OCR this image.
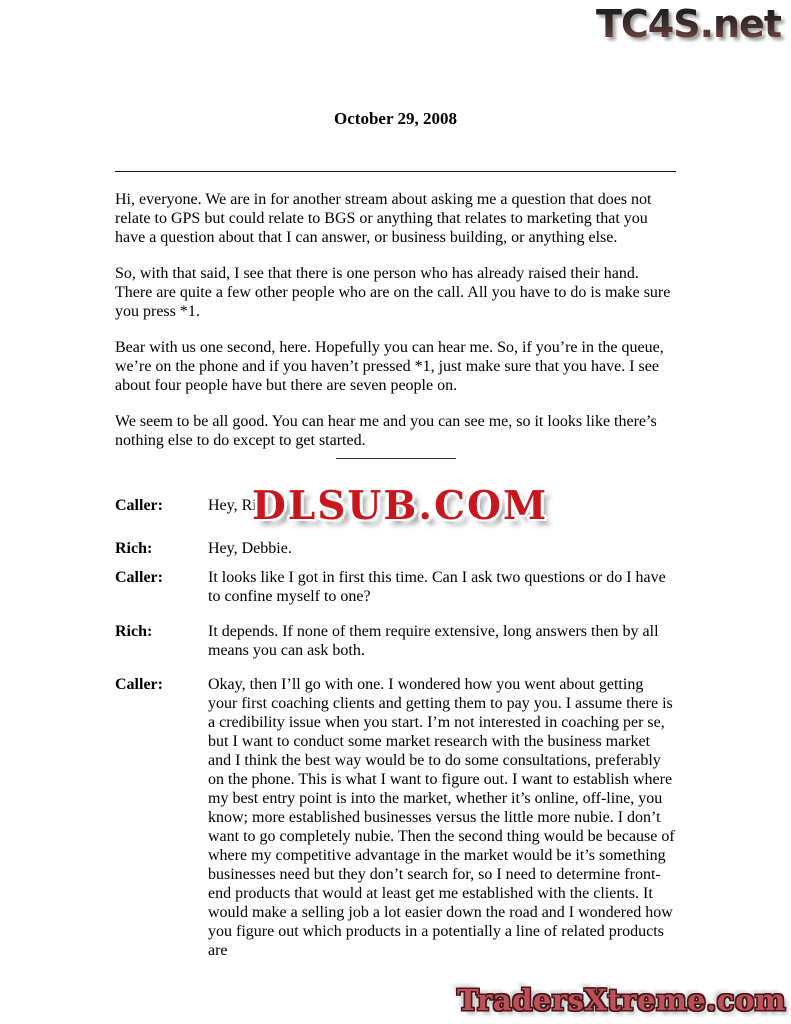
TC4S.net
October 29, 2008

Hi, everyone. We are in for another stream about asking me a question that does not relate to GPS but could relate to BGS or anything that relates to marketing that you have a question about that I can answer, or business building, or anything else.

So, with that said, I see that there is one person who has already raised their hand. There are quite a few other people who are on the call. All you have to do is make sure you press *1.

Bear with us one second, here. Hopefully you can hear me. So, if you’re in the queue, we’re on the phone and if you haven’t pressed *1, just make sure that you have. I see about four people have but there are seven people on.

We seem to be all good. You can hear me and you can see me, so it looks like there’s nothing else to do except to get started.

Caller:	Hey, Ri
Rich:	Hey, Debbie.
Caller:	It looks like I got in first this time. Can I ask two questions or do I have to confine myself to one?
Rich:	It depends. If none of them require extensive, long answers then by all means you can ask both.
Caller:	Okay, then I’ll go with one. I wondered how you went about getting your first coaching clients and getting them to pay you. I assume there is a credibility issue when you start. I’m not interested in coaching per se, but I want to conduct some market research with the business market and I think the best way would be to do some consultations, preferably on the phone. This is what I want to figure out. I want to establish where my best entry point is into the market, whether it’s online, off-line, you know; more established businesses versus the little more nubie. I don’t want to go completely nubie. Then the second thing would be because of where my competitive advantage in the market would be it’s something businesses need but they don’t search for, so I need to determine front-end products that would at least get me established with the clients. It would make a selling job a lot easier down the road and I wondered how you figure out which products in a potentially a line of related products are
DLSUB.COM
TradersXtreme.com
